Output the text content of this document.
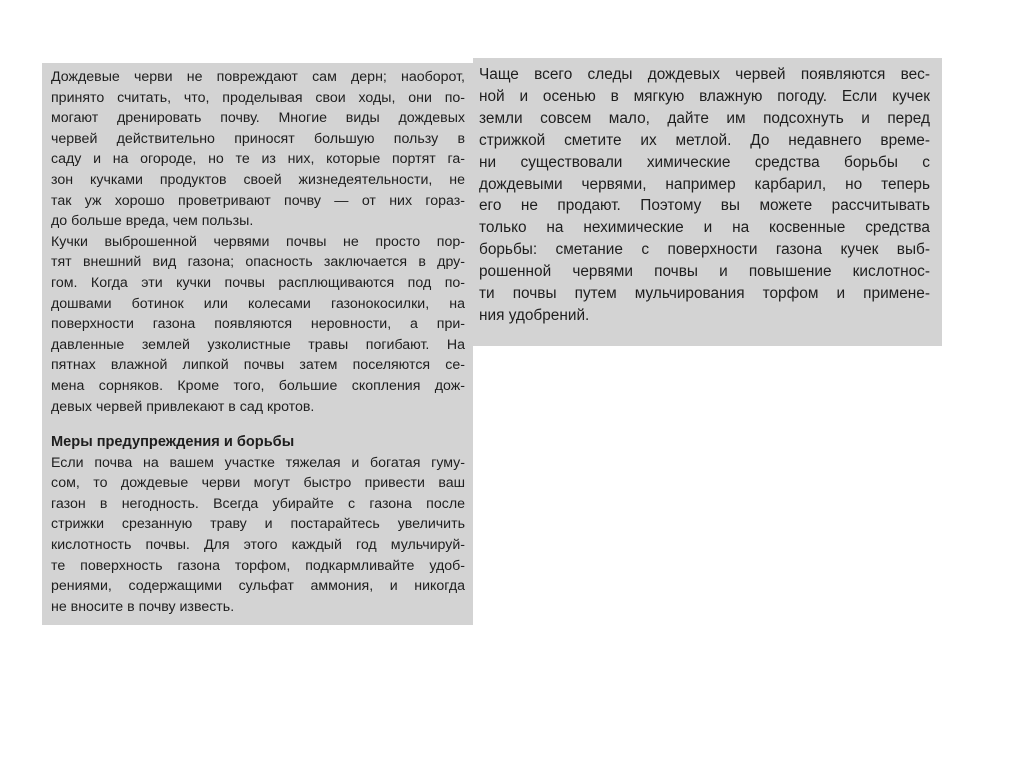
Дождевые черви не повреждают сам дерн; наоборот,
принято считать, что, проделывая свои ходы, они по-
могают дренировать почву. Многие виды дождевых
червей действительно приносят большую пользу в
саду и на огороде, но те из них, которые портят га-
зон кучками продуктов своей жизнедеятельности, не
так уж хорошо проветривают почву — от них гораз-
до больше вреда, чем пользы.

Кучки выброшенной червями почвы не просто пор-
тят внешний вид газона; опасность заключается в дру-
гом. Когда эти кучки почвы расплющиваются под по-
дошвами ботинок или колесами газонокосилки, на
поверхности газона появляются неровности, а при-
давленные землей узколистные травы погибают. На
пятнах влажной липкой почвы затем поселяются се-
мена сорняков. Кроме того, большие скопления дож-
девых червей привлекают в сад кротов.

Меры предупреждения и борьбы

Если почва на вашем участке тяжелая и богатая гуму-
сом, то дождевые черви могут быстро привести ваш
газон в негодность. Всегда убирайте с газона после
стрижки срезанную траву и постарайтесь увеличить
кислотность почвы. Для этого каждый год мульчируй-
те поверхность газона торфом, подкармливайте удоб-
рениями, содержащими сульфат аммония, и никогда
не вносите в почву известь.

Чаще всего следы дождевых червей появляются вес-
ной и осенью в мягкую влажную погоду. Если кучек
земли совсем мало, дайте им подсохнуть и перед
стрижкой сметите их метлой. До недавнего време-
ни существовали химические средства борьбы с
дождевыми червями, например карбарил, но теперь
его не продают. Поэтому вы можете рассчитывать
только на нехимические и на косвенные средства
борьбы: сметание с поверхности газона кучек выб-
рошенной червями почвы и повышение кислотнос-
ти почвы путем мульчирования торфом и примене-
ния удобрений.
